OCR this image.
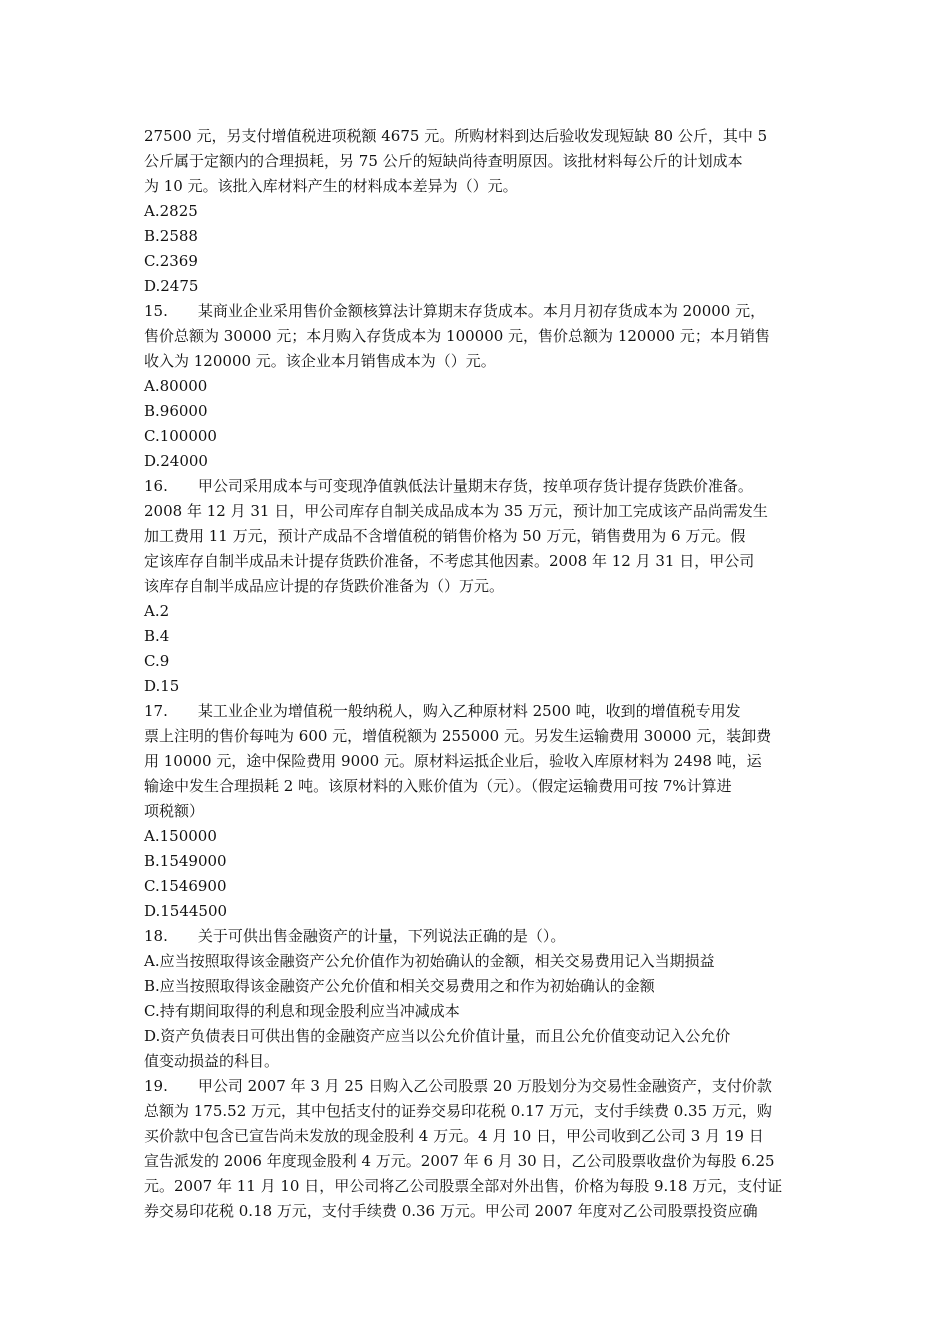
27500 元，另支付增值税进项税额 4675 元。所购材料到达后验收发现短缺 80 公斤，其中 5
公斤属于定额内的合理损耗，另 75 公斤的短缺尚待查明原因。该批材料每公斤的计划成本
为 10 元。该批入库材料产生的材料成本差异为（）元。
A.2825
B.2588
C.2369
D.2475
15.　　某商业企业采用售价金额核算法计算期末存货成本。本月月初存货成本为 20000 元，
售价总额为 30000 元；本月购入存货成本为 100000 元，售价总额为 120000 元；本月销售
收入为 120000 元。该企业本月销售成本为（）元。
A.80000
B.96000
C.100000
D.24000
16.　　甲公司采用成本与可变现净值孰低法计量期末存货，按单项存货计提存货跌价准备。
2008 年 12 月 31 日，甲公司库存自制关成品成本为 35 万元，预计加工完成该产品尚需发生
加工费用 11 万元，预计产成品不含增值税的销售价格为 50 万元，销售费用为 6 万元。假
定该库存自制半成品未计提存货跌价准备，不考虑其他因素。2008 年 12 月 31 日，甲公司
该库存自制半成品应计提的存货跌价准备为（）万元。
A.2
B.4
C.9
D.15
17.　　某工业企业为增值税一般纳税人，购入乙种原材料 2500 吨，收到的增值税专用发
票上注明的售价每吨为 600 元，增值税额为 255000 元。另发生运输费用 30000 元，装卸费
用 10000 元，途中保险费用 9000 元。原材料运抵企业后，验收入库原材料为 2498 吨，运
输途中发生合理损耗 2 吨。该原材料的入账价值为（元）。（假定运输费用可按 7%计算进
项税额）
A.150000
B.1549000
C.1546900
D.1544500
18.　　关于可供出售金融资产的计量，下列说法正确的是（）。
A.应当按照取得该金融资产公允价值作为初始确认的金额，相关交易费用记入当期损益
B.应当按照取得该金融资产公允价值和相关交易费用之和作为初始确认的金额
C.持有期间取得的利息和现金股利应当冲减成本
D.资产负债表日可供出售的金融资产应当以公允价值计量，而且公允价值变动记入公允价
值变动损益的科目。
19.　　甲公司 2007 年 3 月 25 日购入乙公司股票 20 万股划分为交易性金融资产，支付价款
总额为 175.52 万元，其中包括支付的证券交易印花税 0.17 万元，支付手续费 0.35 万元，购
买价款中包含已宣告尚未发放的现金股利 4 万元。4 月 10 日，甲公司收到乙公司 3 月 19 日
宣告派发的 2006 年度现金股利 4 万元。2007 年 6 月 30 日，乙公司股票收盘价为每股 6.25
元。2007 年 11 月 10 日，甲公司将乙公司股票全部对外出售，价格为每股 9.18 万元，支付证
券交易印花税 0.18 万元，支付手续费 0.36 万元。甲公司 2007 年度对乙公司股票投资应确
